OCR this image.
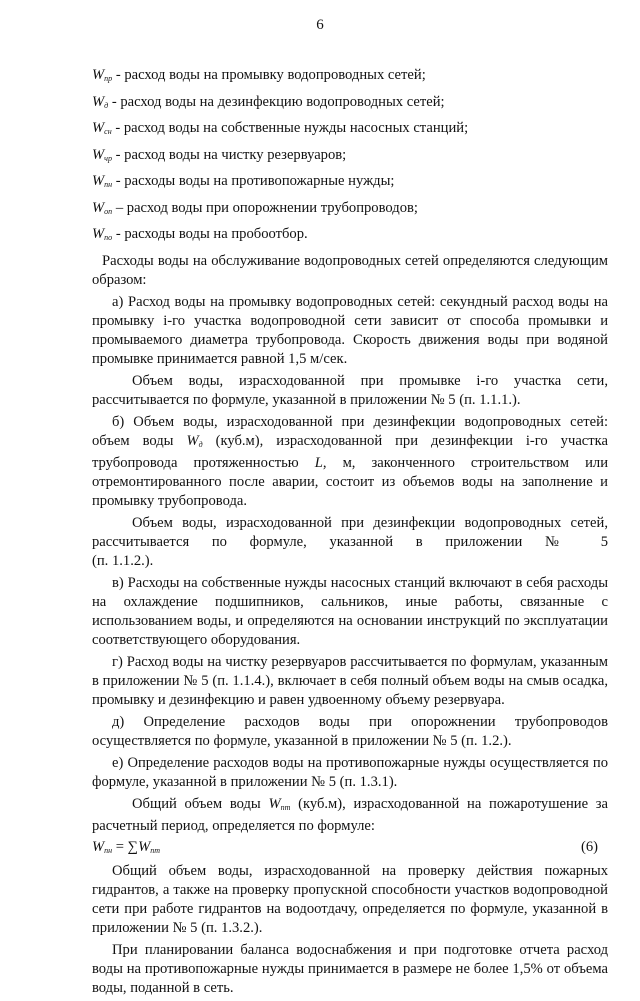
6
$W_{пр}$ - расход воды на промывку водопроводных сетей;
$W_д$ - расход воды на дезинфекцию водопроводных сетей;
$W_{сн}$ - расход воды на собственные нужды насосных станций;
$W_{чр}$ - расход воды на чистку резервуаров;
$W_{пн}$ - расходы воды на противопожарные нужды;
$W_{оп}$ – расход воды при опорожнении трубопроводов;
$W_{по}$ - расходы воды на пробоотбор.

Расходы воды на обслуживание водопроводных сетей определяются следующим образом:

а) Расход воды на промывку водопроводных сетей: секундный расход воды на промывку i-го участка водопроводной сети зависит от способа промывки и промываемого диаметра трубопровода. Скорость движения воды при водяной промывке принимается равной 1,5 м/сек.

Объем воды, израсходованной при промывке i-го участка сети, рассчитывается по формуле, указанной в приложении № 5 (п. 1.1.1.).

б) Объем воды, израсходованной при дезинфекции водопроводных сетей: объем воды $W_д$ (куб.м), израсходованной при дезинфекции i-го участка трубопровода протяженностью L, м, законченного строительством или отремонтированного после аварии, состоит из объемов воды на заполнение и промывку трубопровода.

Объем воды, израсходованной при дезинфекции водопроводных сетей, рассчитывается по формуле, указанной в приложении № 5

(п. 1.1.2.).

в) Расходы на собственные нужды насосных станций включают в себя расходы на охлаждение подшипников, сальников, иные работы, связанные с использованием воды, и определяются на основании инструкций по эксплуатации соответствующего оборудования.

г) Расход воды на чистку резервуаров рассчитывается по формулам, указанным в приложении № 5 (п. 1.1.4.), включает в себя полный объем воды на смыв осадка, промывку и дезинфекцию и равен удвоенному объему резервуара.

д) Определение расходов воды при опорожнении трубопроводов осуществляется по формуле, указанной в приложении № 5 (п. 1.2.).

е) Определение расходов воды на противопожарные нужды осуществляется по формуле, указанной в приложении № 5 (п. 1.3.1).

Общий объем воды $W_{пт}$ (куб.м), израсходованной на пожаротушение за расчетный период, определяется по формуле:

$W_{пн} = \sum W_{пm}$	(6)

Общий объем воды, израсходованной на проверку действия пожарных гидрантов, а также на проверку пропускной способности участков водопроводной сети при работе гидрантов на водоотдачу, определяется по формуле, указанной в приложении № 5 (п. 1.3.2.).

При планировании баланса водоснабжения и при подготовке отчета расход воды на противопожарные нужды принимается в размере не более 1,5% от объема воды, поданной в сеть.
